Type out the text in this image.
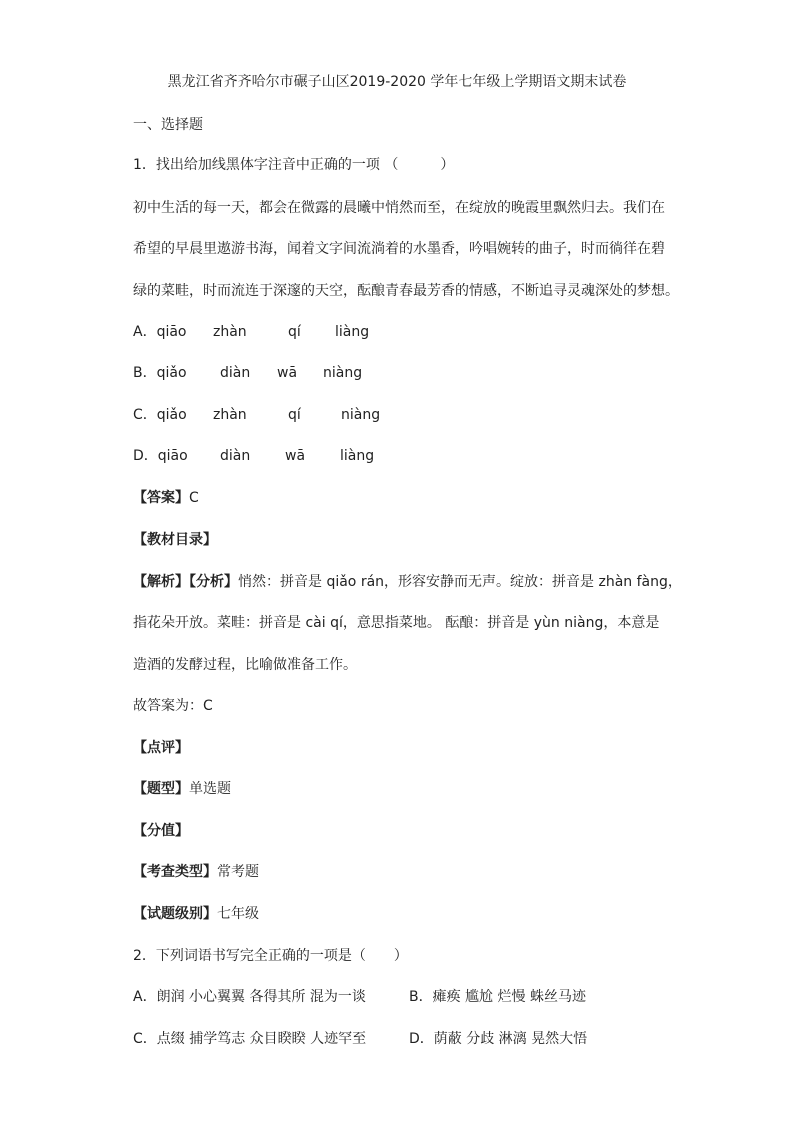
黑龙江省齐齐哈尔市碾子山区2019-2020 学年七年级上学期语文期末试卷
一、选择题
1．找出给加线黑体字注音中正确的一项 （　　　）
初中生活的每一天，都会在微露的晨曦中悄然而至，在绽放的晚霞里飘然归去。我们在
希望的早晨里遨游书海，闻着文字间流淌着的水墨香，吟唱婉转的曲子，时而徜徉在碧
绿的菜畦，时而流连于深邃的天空，酝酿青春最芳香的情感，不断追寻灵魂深处的梦想。
A．qiāo zhàn	qí liàng
B．qiǎo diàn wā niàng
C．qiǎo zhàn	qí	niàng
D．qiāo diàn wā liàng
【答案】C
【教材目录】
【解析】【分析】悄然：拼音是 qiǎo rán，形容安静而无声。绽放：拼音是 zhàn fàng，
指花朵开放。菜畦：拼音是 cài qí，意思指菜地。 酝酿：拼音是 yùn niàng，本意是
造酒的发酵过程，比喻做准备工作。
故答案为：C
【点评】
【题型】单选题
【分值】
【考查类型】常考题
【试题级别】七年级
2．下列词语书写完全正确的一项是（　　）
A．朗润 小心翼翼 各得其所 混为一谈	B．瘫痪 尴尬 烂慢 蛛丝马迹
C．点缀 捕学笃志 众目睽睽 人迹罕至	D．荫蔽 分歧 淋漓 晃然大悟
